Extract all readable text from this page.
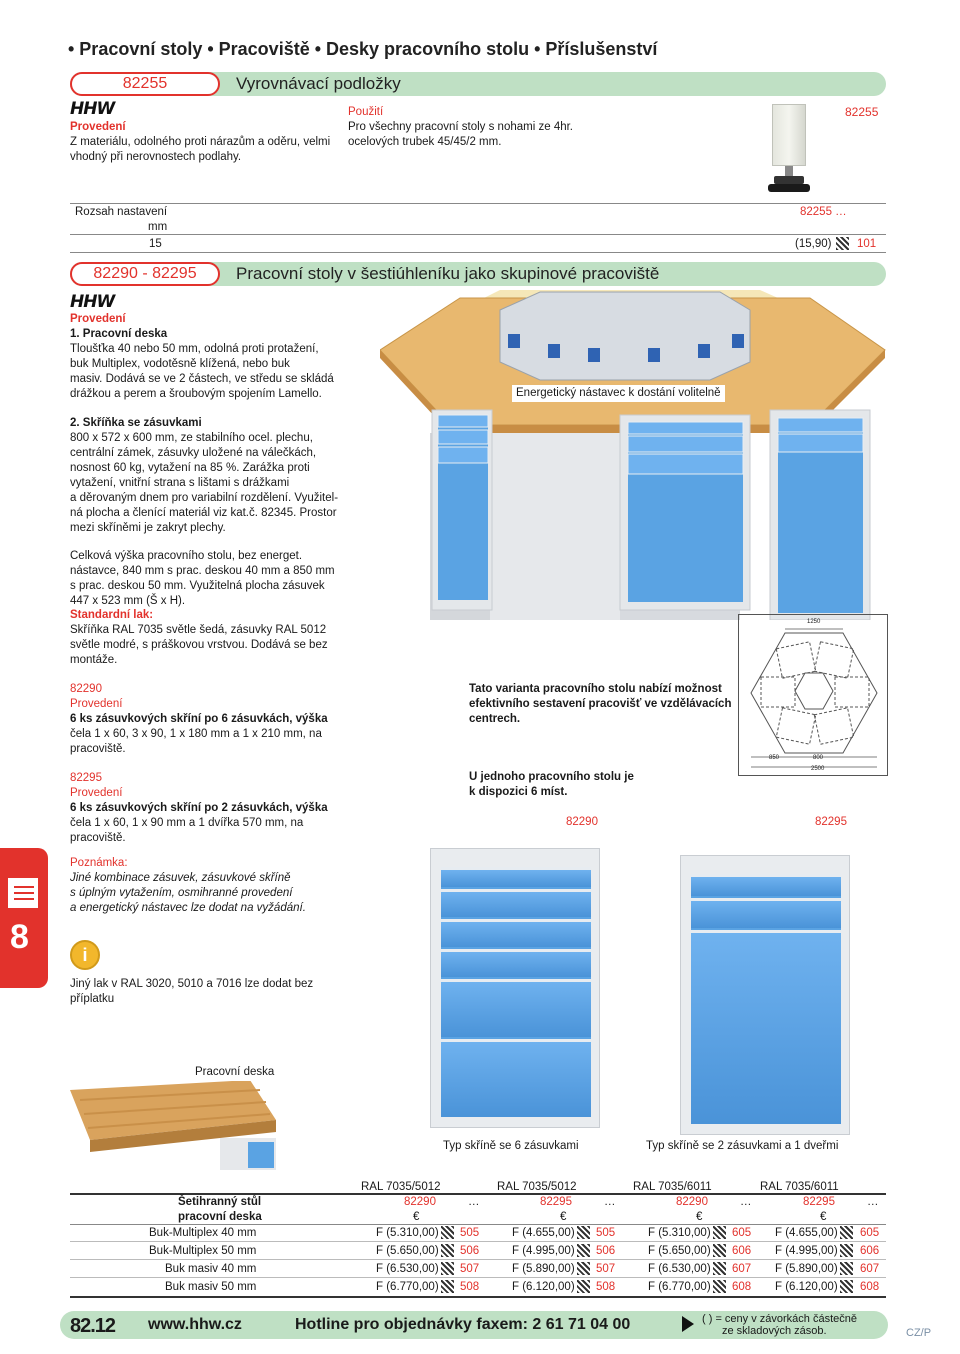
• Pracovní stoly • Pracoviště • Desky pracovního stolu • Příslušenství
82255	Vyrovnávací podložky
HHW
Provedení
Z materiálu, odolného proti nárazům a oděru, velmi
vhodný při nerovnostech podlahy.
Použití
Pro všechny pracovní stoly s nohami ze 4hr.
ocelových trubek 45/45/2 mm.
82255
Rozsah nastavení
mm
82255 …
15	(15,90) 101
82290 - 82295	Pracovní stoly v šestiúhleníku jako skupinové pracoviště
HHW
Provedení
1. Pracovní deska
Tloušťka 40 nebo 50 mm, odolná proti protažení,
buk Multiplex, vodotěsně klížená, nebo buk
masiv. Dodává se ve 2 částech, ve středu se skládá
drážkou a perem a šroubovým spojením Lamello.	Energetický nástavec k dostání volitelně
2. Skříňka se zásuvkami
800 x 572 x 600 mm, ze stabilního ocel. plechu,
centrální zámek, zásuvky uložené na válečkách,
nosnost 60 kg, vytažení na 85 %. Zarážka proti
vytažení, vnitřní strana s lištami s drážkami
a děrovaným dnem pro variabilní rozdělení. Využitel-
ná plocha a členící materiál viz kat.č. 82345. Prostor
mezi skříněmi je zakryt plechy.
Celková výška pracovního stolu, bez energet.
nástavce, 840 mm s prac. deskou 40 mm a 850 mm
s prac. deskou 50 mm. Využitelná plocha zásuvek
447 x 523 mm (Š x H).
Standardní lak:
Skříňka RAL 7035 světle šedá, zásuvky RAL 5012
světle modré, s práškovou vrstvou. Dodává se bez
montáže.
1250
850	800
2500
82290
Provedení
6 ks zásuvkových skříní po 6 zásuvkách, výška
čela 1 x 60, 3 x 90, 1 x 180 mm a 1 x 210 mm, na
pracoviště.
82295
Provedení
6 ks zásuvkových skříní po 2 zásuvkách, výška
čela 1 x 60, 1 x 90 mm a 1 dvířka 570 mm, na
pracoviště.
Tato varianta pracovního stolu nabízí možnost
efektivního sestavení pracovišť ve vzdělávacích
centrech.
U jednoho pracovního stolu je
k dispozici 6 míst.
82290	82295
8
Poznámka:
Jiné kombinace zásuvek, zásuvkové skříně
s úplným vytažením, osmihranné provedení
a energetický nástavec lze dodat na vyžádání.
i
Jiný lak v RAL 3020, 5010 a 7016 lze dodat bez
příplatku
Pracovní deska
Typ skříně se 6 zásuvkami	Typ skříně se 2 zásuvkami a 1 dveřmi
RAL 7035/5012	RAL 7035/5012	RAL 7035/6011	RAL 7035/6011
Šetihranný stůl
pracovní deska
82290	…	82295	…	82290	…	82295	…
€	€	€	€
Buk-Multiplex 40 mm	F (5.310,00) 505	F (4.655,00) 505	F (5.310,00) 605 F (4.655,00) 605
Buk-Multiplex 50 mm	F (5.650,00) 506	F (4.995,00) 506	F (5.650,00) 606 F (4.995,00) 606
Buk masiv 40 mm	F (6.530,00) 507	F (5.890,00) 507	F (6.530,00) 607 F (5.890,00) 607
Buk masiv 50 mm	F (6.770,00) 508	F (6.120,00) 508	F (6.770,00) 608 F (6.120,00) 608
82.12 www.hhw.cz	Hotline pro objednávky faxem: 2 61 71 04 00	( ) = ceny v závorkách částečně
ze skladových zásob.	CZ/P
